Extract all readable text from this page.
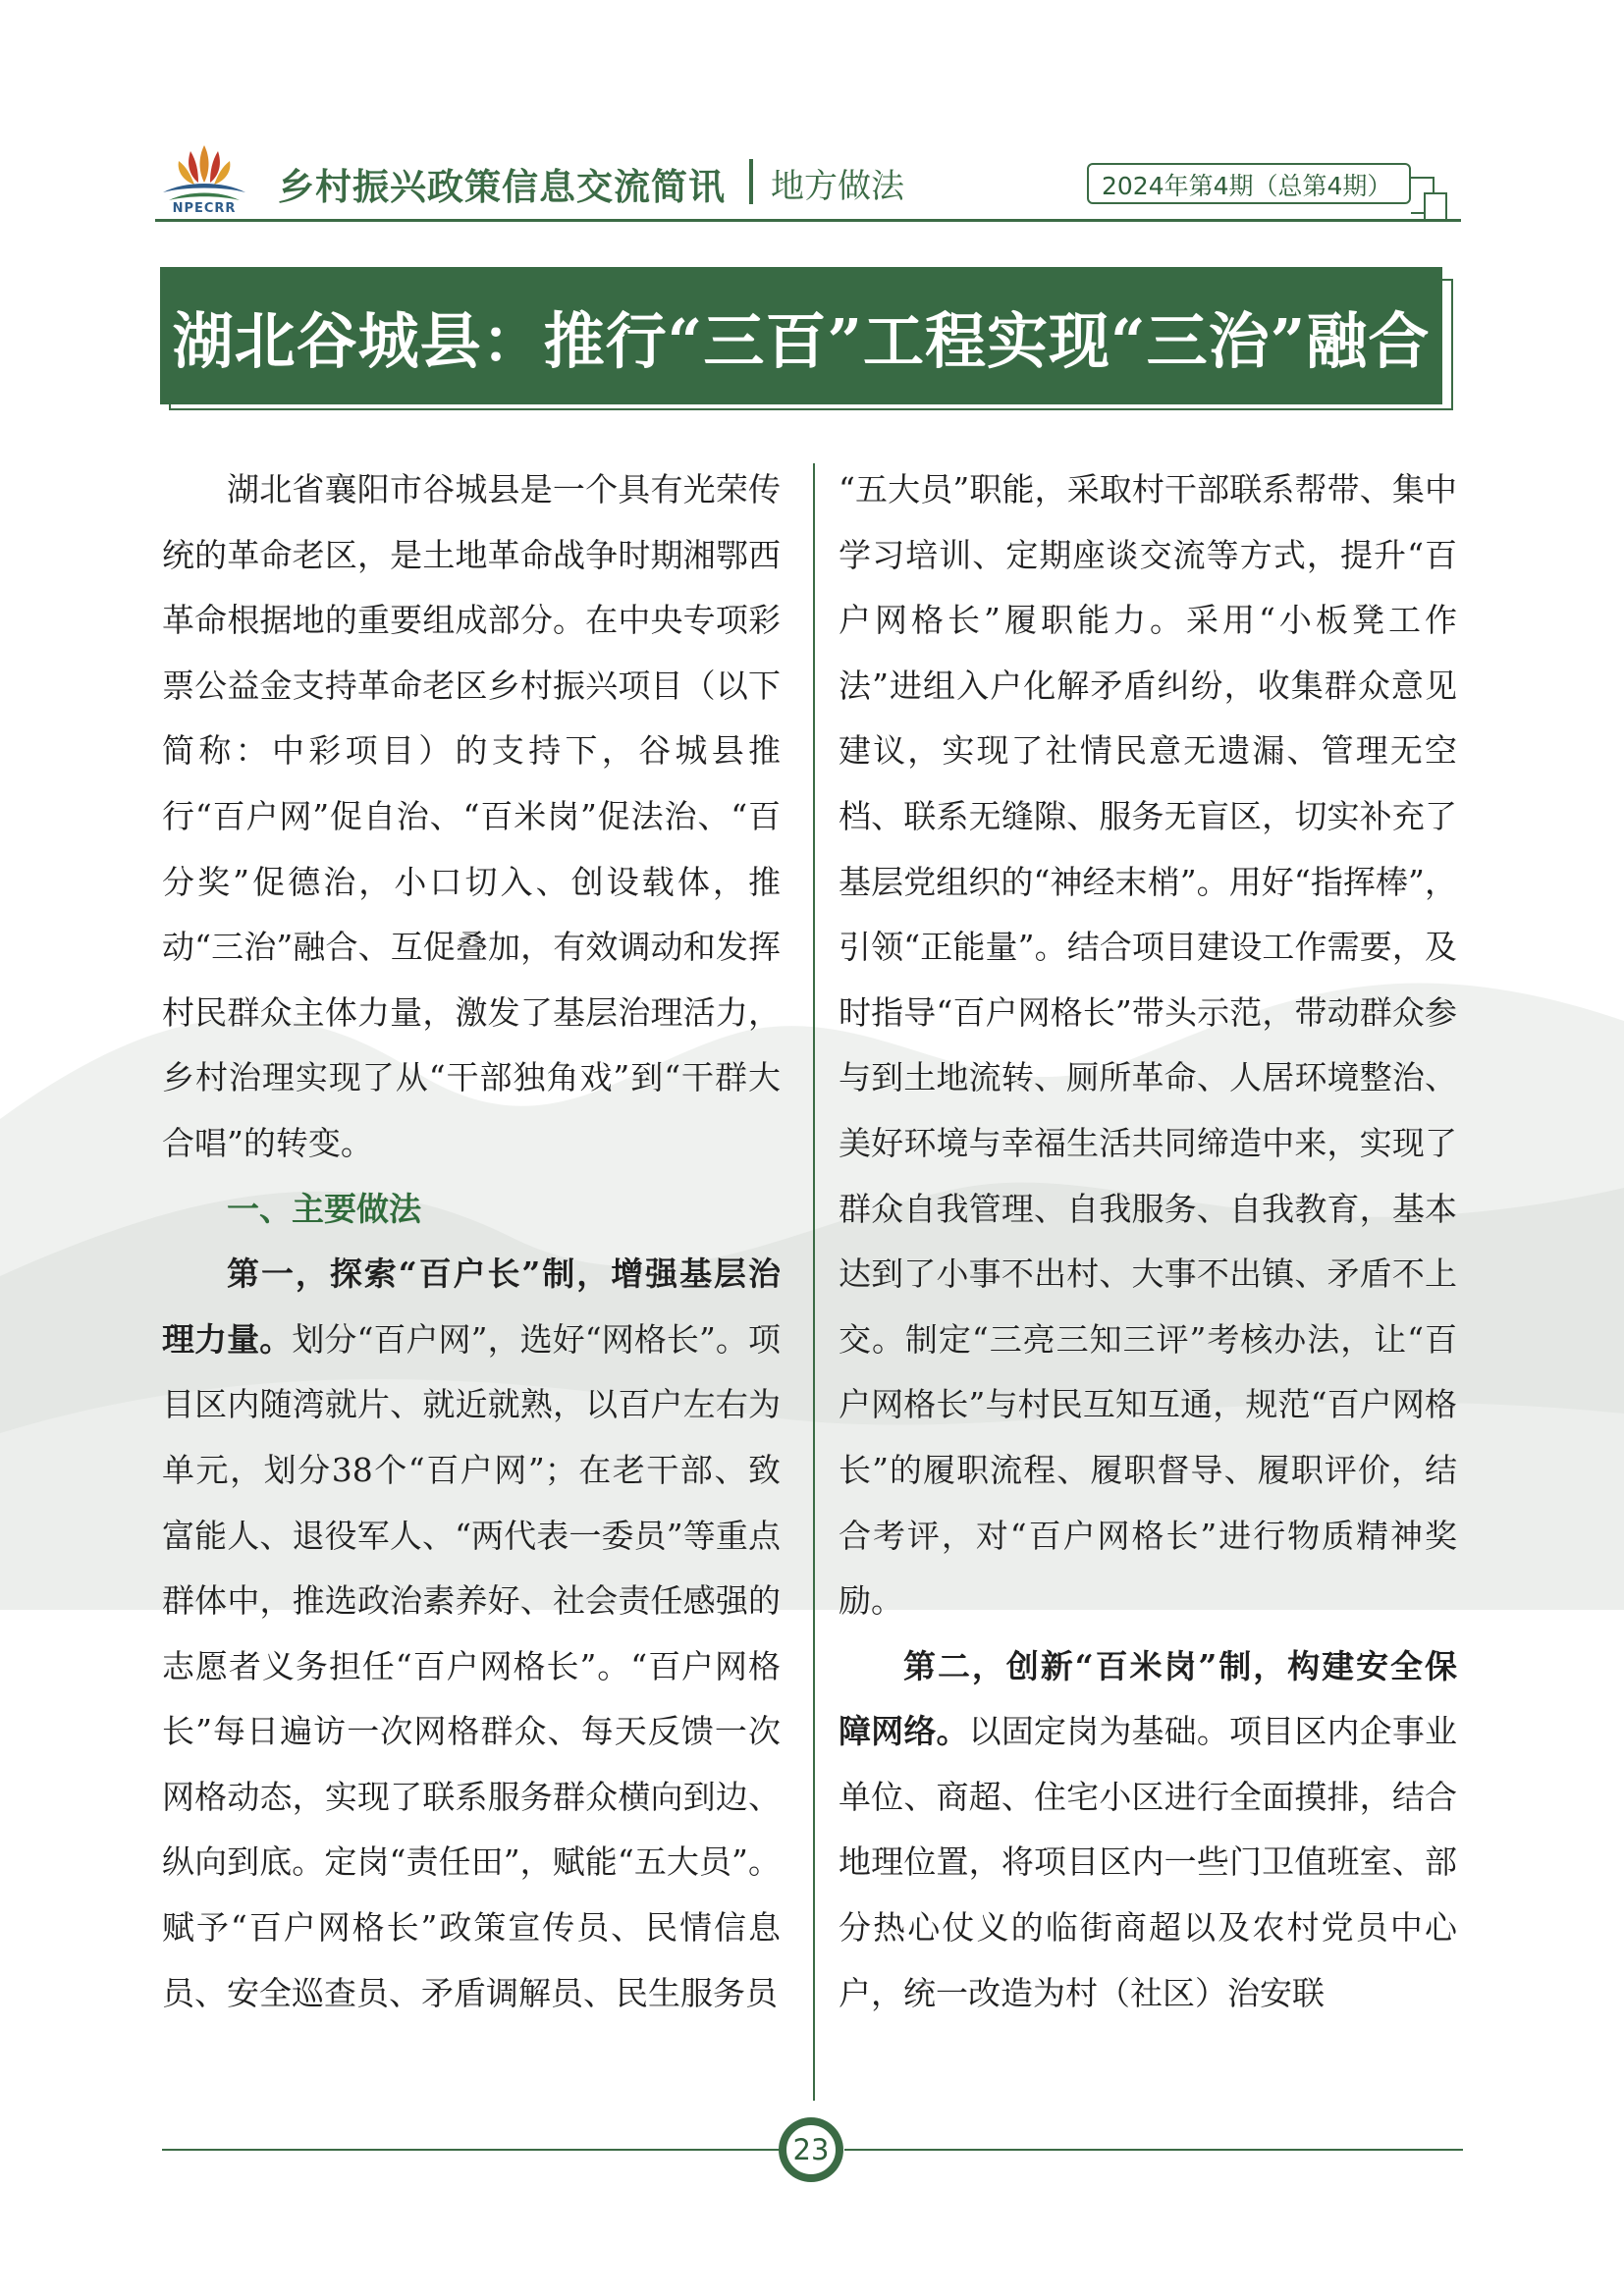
NPECRR
乡村振兴政策信息交流简讯 地方做法	2024年第4期（总第4期）
湖北谷城县：推行“三百”工程实现“三治”融合

湖北省襄阳市谷城县是一个具有光荣传统的革命老区，是土地革命战争时期湘鄂西革命根据地的重要组成部分。在中央专项彩票公益金支持革命老区乡村振兴项目（以下简称：中彩项目）的支持下，谷城县推行“百户网”促自治、“百米岗”促法治、“百分奖”促德治，小口切入、创设载体，推动“三治”融合、互促叠加，有效调动和发挥村民群众主体力量，激发了基层治理活力，乡村治理实现了从“干部独角戏”到“干群大合唱”的转变。

一、主要做法

第一，探索“百户长”制，增强基层治理力量。划分“百户网”，选好“网格长”。项目区内随湾就片、就近就熟，以百户左右为单元，划分38个“百户网”；在老干部、致富能人、退役军人、“两代表一委员”等重点群体中，推选政治素养好、社会责任感强的志愿者义务担任“百户网格长”。“百户网格长”每日遍访一次网格群众、每天反馈一次网格动态，实现了联系服务群众横向到边、纵向到底。定岗“责任田”，赋能“五大员”。赋予“百户网格长”政策宣传员、民情信息员、安全巡查员、矛盾调解员、民生服务员

“五大员”职能，采取村干部联系帮带、集中学习培训、定期座谈交流等方式，提升“百户网格长”履职能力。采用“小板凳工作法”进组入户化解矛盾纠纷，收集群众意见建议，实现了社情民意无遗漏、管理无空档、联系无缝隙、服务无盲区，切实补充了基层党组织的“神经末梢”。用好“指挥棒”，引领“正能量”。结合项目建设工作需要，及时指导“百户网格长”带头示范，带动群众参与到土地流转、厕所革命、人居环境整治、美好环境与幸福生活共同缔造中来，实现了群众自我管理、自我服务、自我教育，基本达到了小事不出村、大事不出镇、矛盾不上交。制定“三亮三知三评”考核办法，让“百户网格长”与村民互知互通，规范“百户网格长”的履职流程、履职督导、履职评价，结合考评，对“百户网格长”进行物质精神奖励。

第二，创新“百米岗”制，构建安全保障网络。以固定岗为基础。项目区内企事业单位、商超、住宅小区进行全面摸排，结合地理位置，将项目区内一些门卫值班室、部分热心仗义的临街商超以及农村党员中心户，统一改造为村（社区）治安联

23
